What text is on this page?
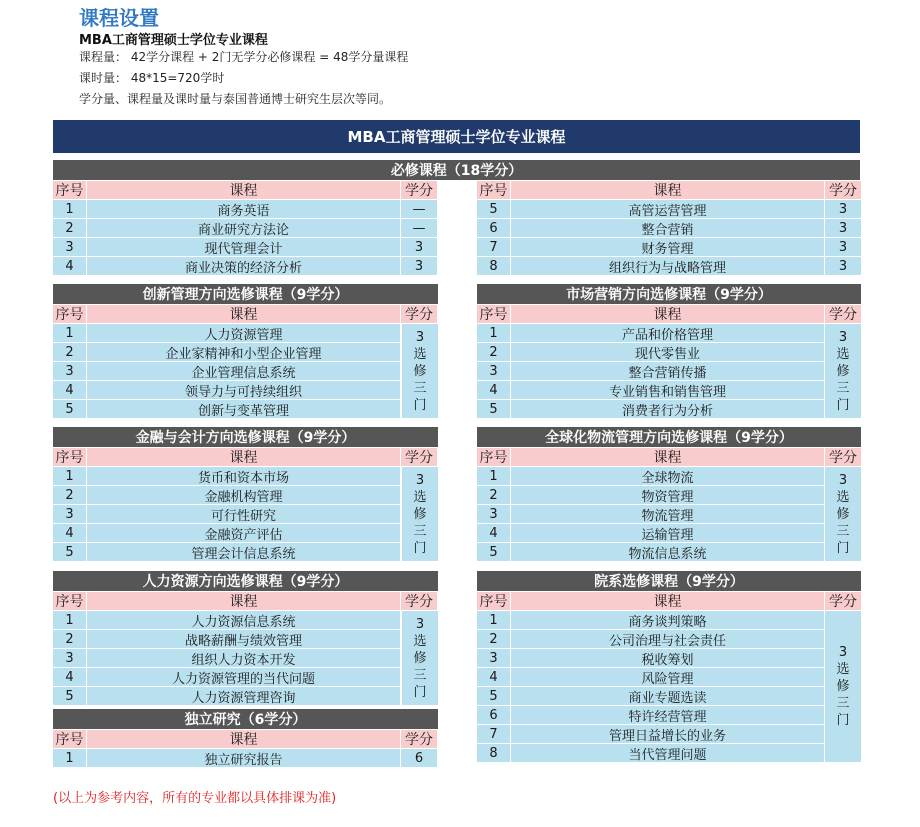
课程设置
MBA工商管理硕士学位专业课程
课程量： 42学分课程 + 2门无学分必修课程 = 48学分量课程
课时量： 48*15=720学时
学分量、课程量及课时量与泰国普通博士研究生层次等同。
MBA工商管理硕士学位专业课程
必修课程（18学分）
序号	课程	学分
1	商务英语	—
2	商业研究方法论	—
3	现代管理会计	3
4	商业决策的经济分析	3
序号	课程	学分
5	高管运营管理	3
6	整合营销	3
7	财务管理	3
8	组织行为与战略管理	3
创新管理方向选修课程（9学分）
序号	课程	学分
1	人力资源管理
2	企业家精神和小型企业管理
3	企业管理信息系统
4	领导力与可持续组织
5	创新与变革管理
3
选
修
三
门
市场营销方向选修课程（9学分）
序号	课程	学分
1	产品和价格管理
2	现代零售业
3	整合营销传播
4	专业销售和销售管理
5	消费者行为分析
3
选
修
三
门
金融与会计方向选修课程（9学分）
序号	课程	学分
1	货币和资本市场
2	金融机构管理
3	可行性研究
4	金融资产评估
5	管理会计信息系统
3
选
修
三
门
全球化物流管理方向选修课程（9学分）
序号	课程	学分
1	全球物流
2	物资管理
3	物流管理
4	运输管理
5	物流信息系统
3
选
修
三
门
人力资源方向选修课程（9学分）
序号	课程	学分
1	人力资源信息系统
2	战略薪酬与绩效管理
3	组织人力资本开发
4	人力资源管理的当代问题
5	人力资源管理咨询
3
选
修
三
门
院系选修课程（9学分）
序号	课程	学分
1	商务谈判策略
2	公司治理与社会责任
3	税收筹划
4	风险管理
5	商业专题选读
6	特许经营管理
7	管理日益增长的业务
8	当代管理问题
3
选
修
三
门
独立研究（6学分）
序号	课程	学分
1	独立研究报告	6
(以上为参考内容，所有的专业都以具体排课为准)
